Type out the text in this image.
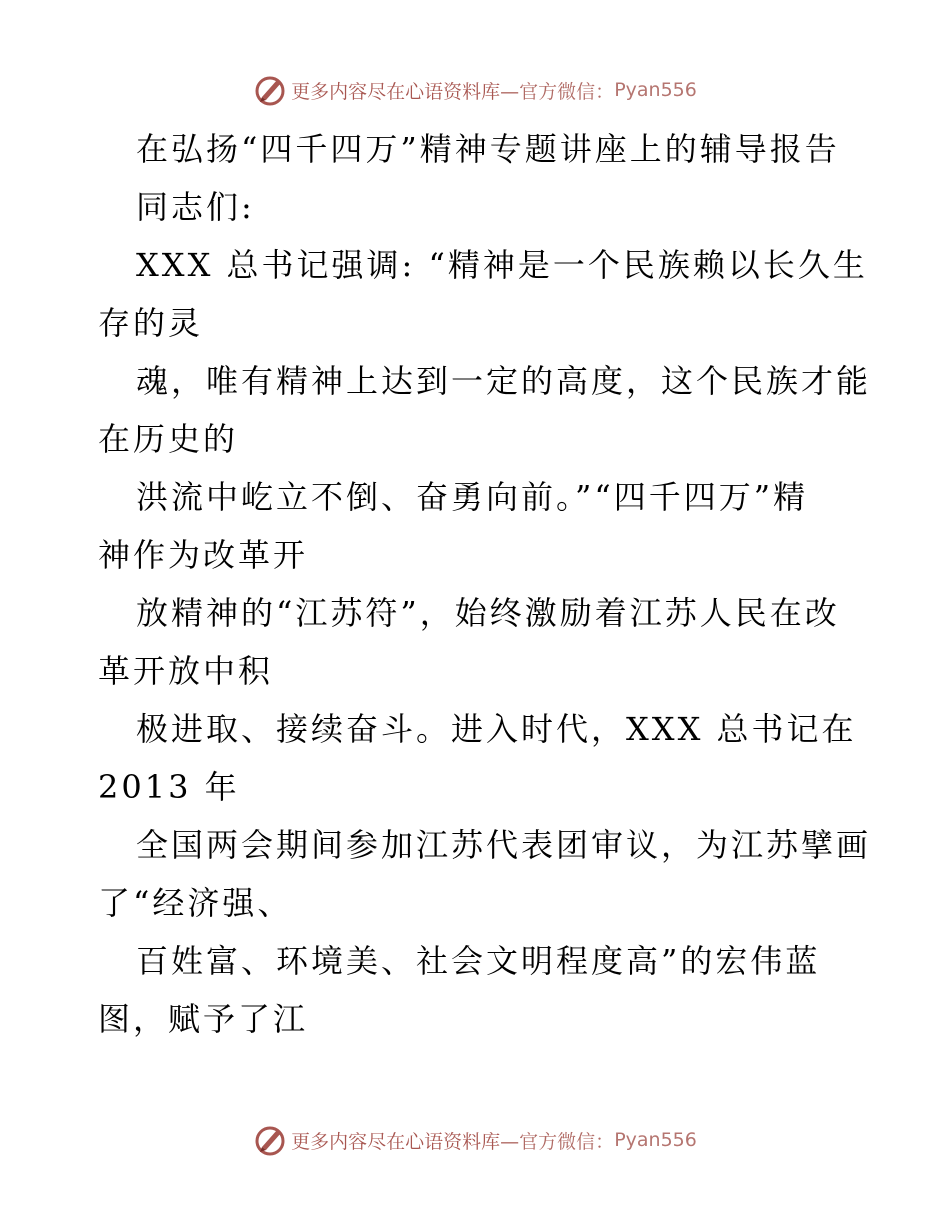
更多内容尽在心语资料库 —官方微信： Pyan556
在弘扬“四千四万”精神专题讲座上的辅导报告
同志们:
XXX 总书记强调: “精神是一个民族赖以长久生
存的灵
魂，唯有精神上达到一定的高度，这个民族才能
在历史的
洪流中屹立不倒、奋勇向前。”“四千四万”精
神作为改革开
放精神的“江苏符”，始终激励着江苏人民在改
革开放中积
极进取、接续奋斗。进入时代，XXX 总书记在
2013 年
全国两会期间参加江苏代表团审议，为江苏擘画
了“经济强、
百姓富、环境美、社会文明程度高”的宏伟蓝
图，赋予了江
更多内容尽在心语资料库 —官方微信： Pyan556
